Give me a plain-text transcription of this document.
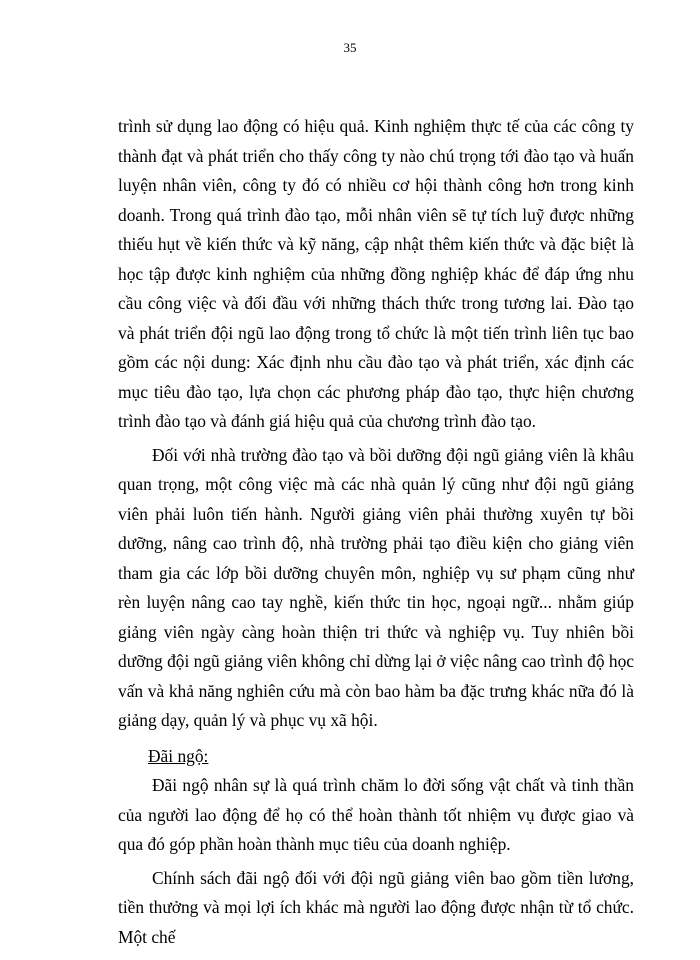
35

trình sử dụng lao động có hiệu quả. Kinh nghiệm thực tế của các công ty thành đạt và phát triển cho thấy công ty nào chú trọng tới đào tạo và huấn luyện nhân viên, công ty đó có nhiều cơ hội thành công hơn trong kinh doanh. Trong quá trình đào tạo, mỗi nhân viên sẽ tự tích luỹ được những thiếu hụt về kiến thức và kỹ năng, cập nhật thêm kiến thức và đặc biệt là học tập được kinh nghiệm của những đồng nghiệp khác để đáp ứng nhu cầu công việc và đối đầu với những thách thức trong tương lai. Đào tạo và phát triển đội ngũ lao động trong tổ chức là một tiến trình liên tục bao gồm các nội dung: Xác định nhu cầu đào tạo và phát triển, xác định các mục tiêu đào tạo, lựa chọn các phương pháp đào tạo, thực hiện chương trình đào tạo và đánh giá hiệu quả của chương trình đào tạo.

Đối với nhà trường đào tạo và bồi dưỡng đội ngũ giảng viên là khâu quan trọng, một công việc mà các nhà quản lý cũng như đội ngũ giảng viên phải luôn tiến hành. Người giảng viên phải thường xuyên tự bồi dưỡng, nâng cao trình độ, nhà trường phải tạo điều kiện cho giảng viên tham gia các lớp bồi dưỡng chuyên môn, nghiệp vụ sư phạm cũng như rèn luyện nâng cao tay nghề, kiến thức tin học, ngoại ngữ... nhằm giúp giảng viên ngày càng hoàn thiện tri thức và nghiệp vụ. Tuy nhiên bồi dưỡng đội ngũ giảng viên không chỉ dừng lại ở việc nâng cao trình độ học vấn và khả năng nghiên cứu mà còn bao hàm ba đặc trưng khác nữa đó là giảng dạy, quản lý và phục vụ xã hội.

Đãi ngộ:

Đãi ngộ nhân sự là quá trình chăm lo đời sống vật chất và tinh thần của người lao động để họ có thể hoàn thành tốt nhiệm vụ được giao và qua đó góp phần hoàn thành mục tiêu của doanh nghiệp.

Chính sách đãi ngộ đối với đội ngũ giảng viên bao gồm tiền lương, tiền thưởng và mọi lợi ích khác mà người lao động được nhận từ tổ chức. Một chế
